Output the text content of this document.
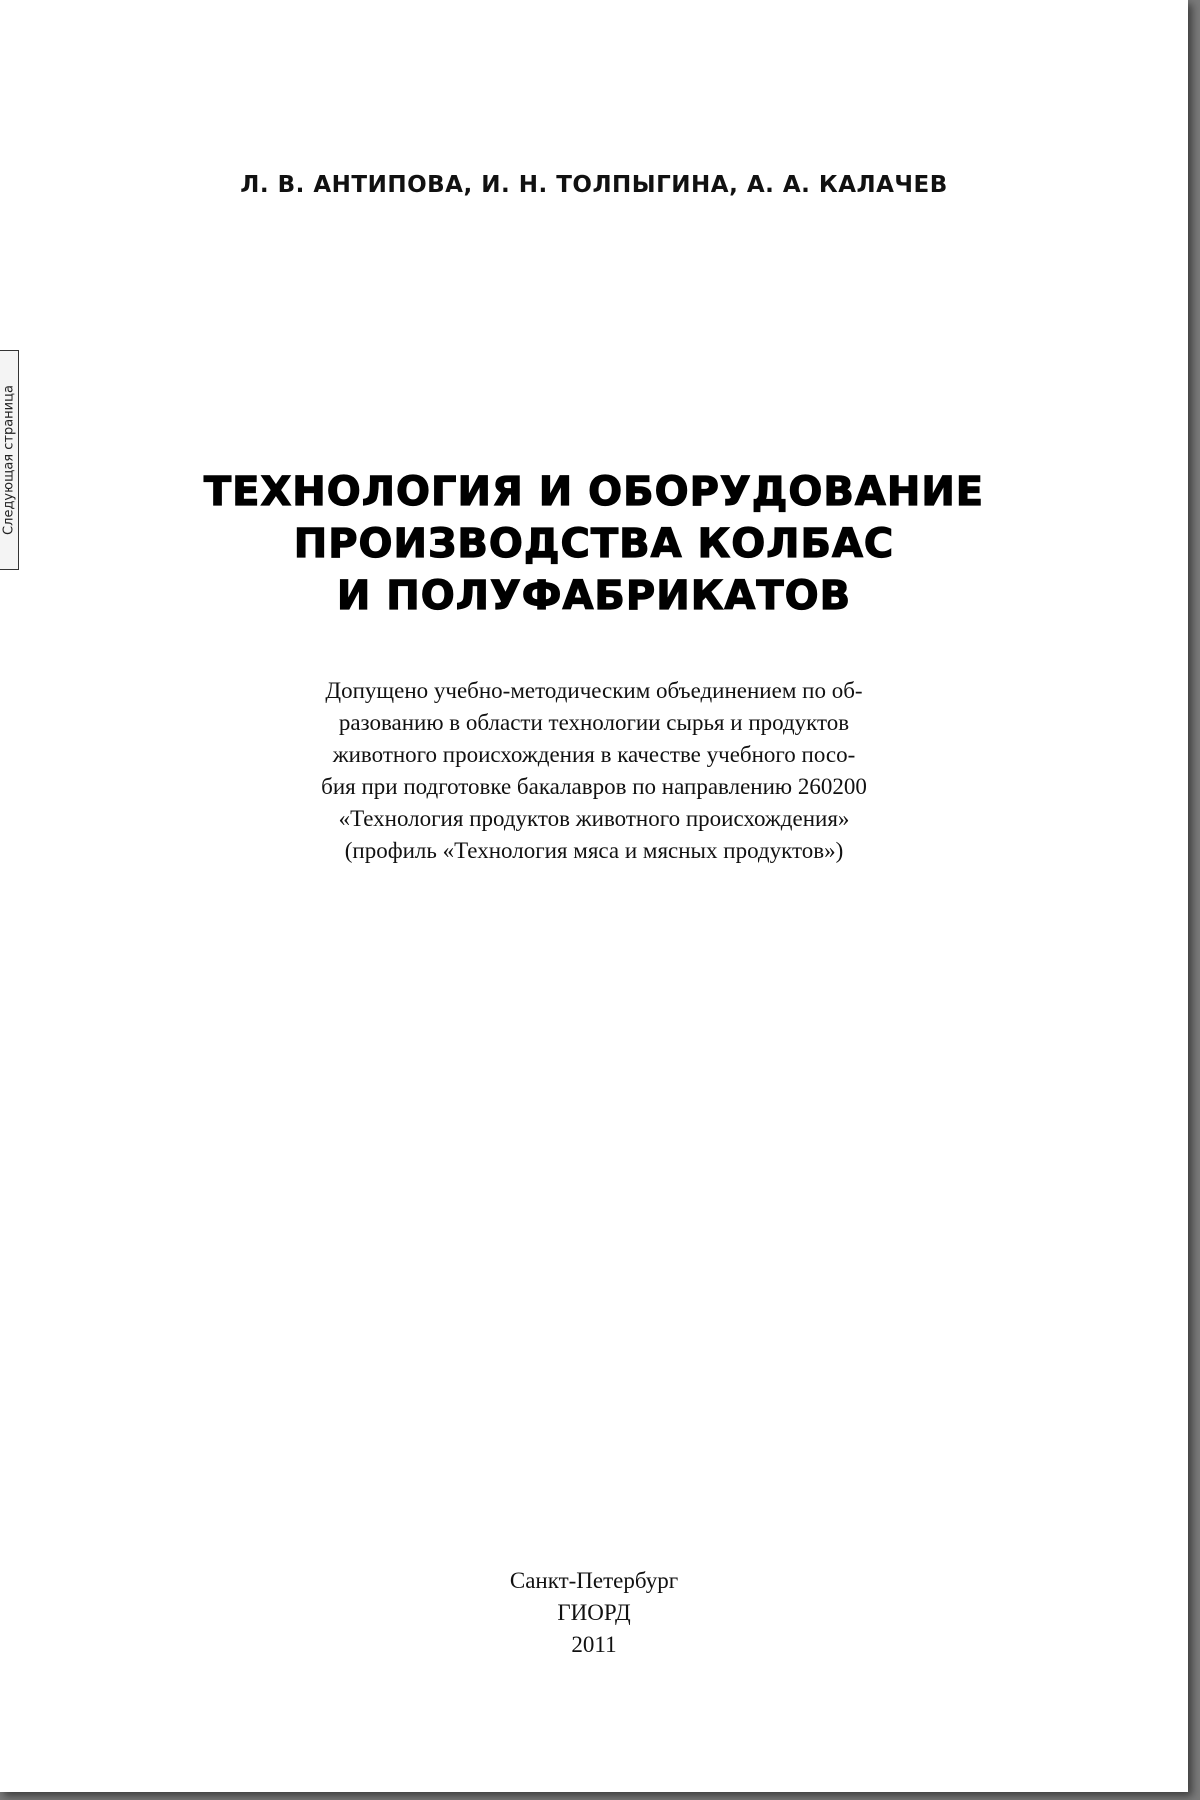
Следующая страница
Л. В. АНТИПОВА, И. Н. ТОЛПЫГИНА, А. А. КАЛАЧЕВ
ТЕХНОЛОГИЯ И ОБОРУДОВАНИЕ
ПРОИЗВОДСТВА КОЛБАС
И ПОЛУФАБРИКАТОВ
Допущено учебно-методическим объединением по об-
разованию в области технологии сырья и продуктов
животного происхождения в качестве учебного посо-
бия при подготовке бакалавров по направлению 260200
«Технология продуктов животного происхождения»
(профиль «Технология мяса и мясных продуктов»)
Санкт-Петербург
ГИОРД
2011
